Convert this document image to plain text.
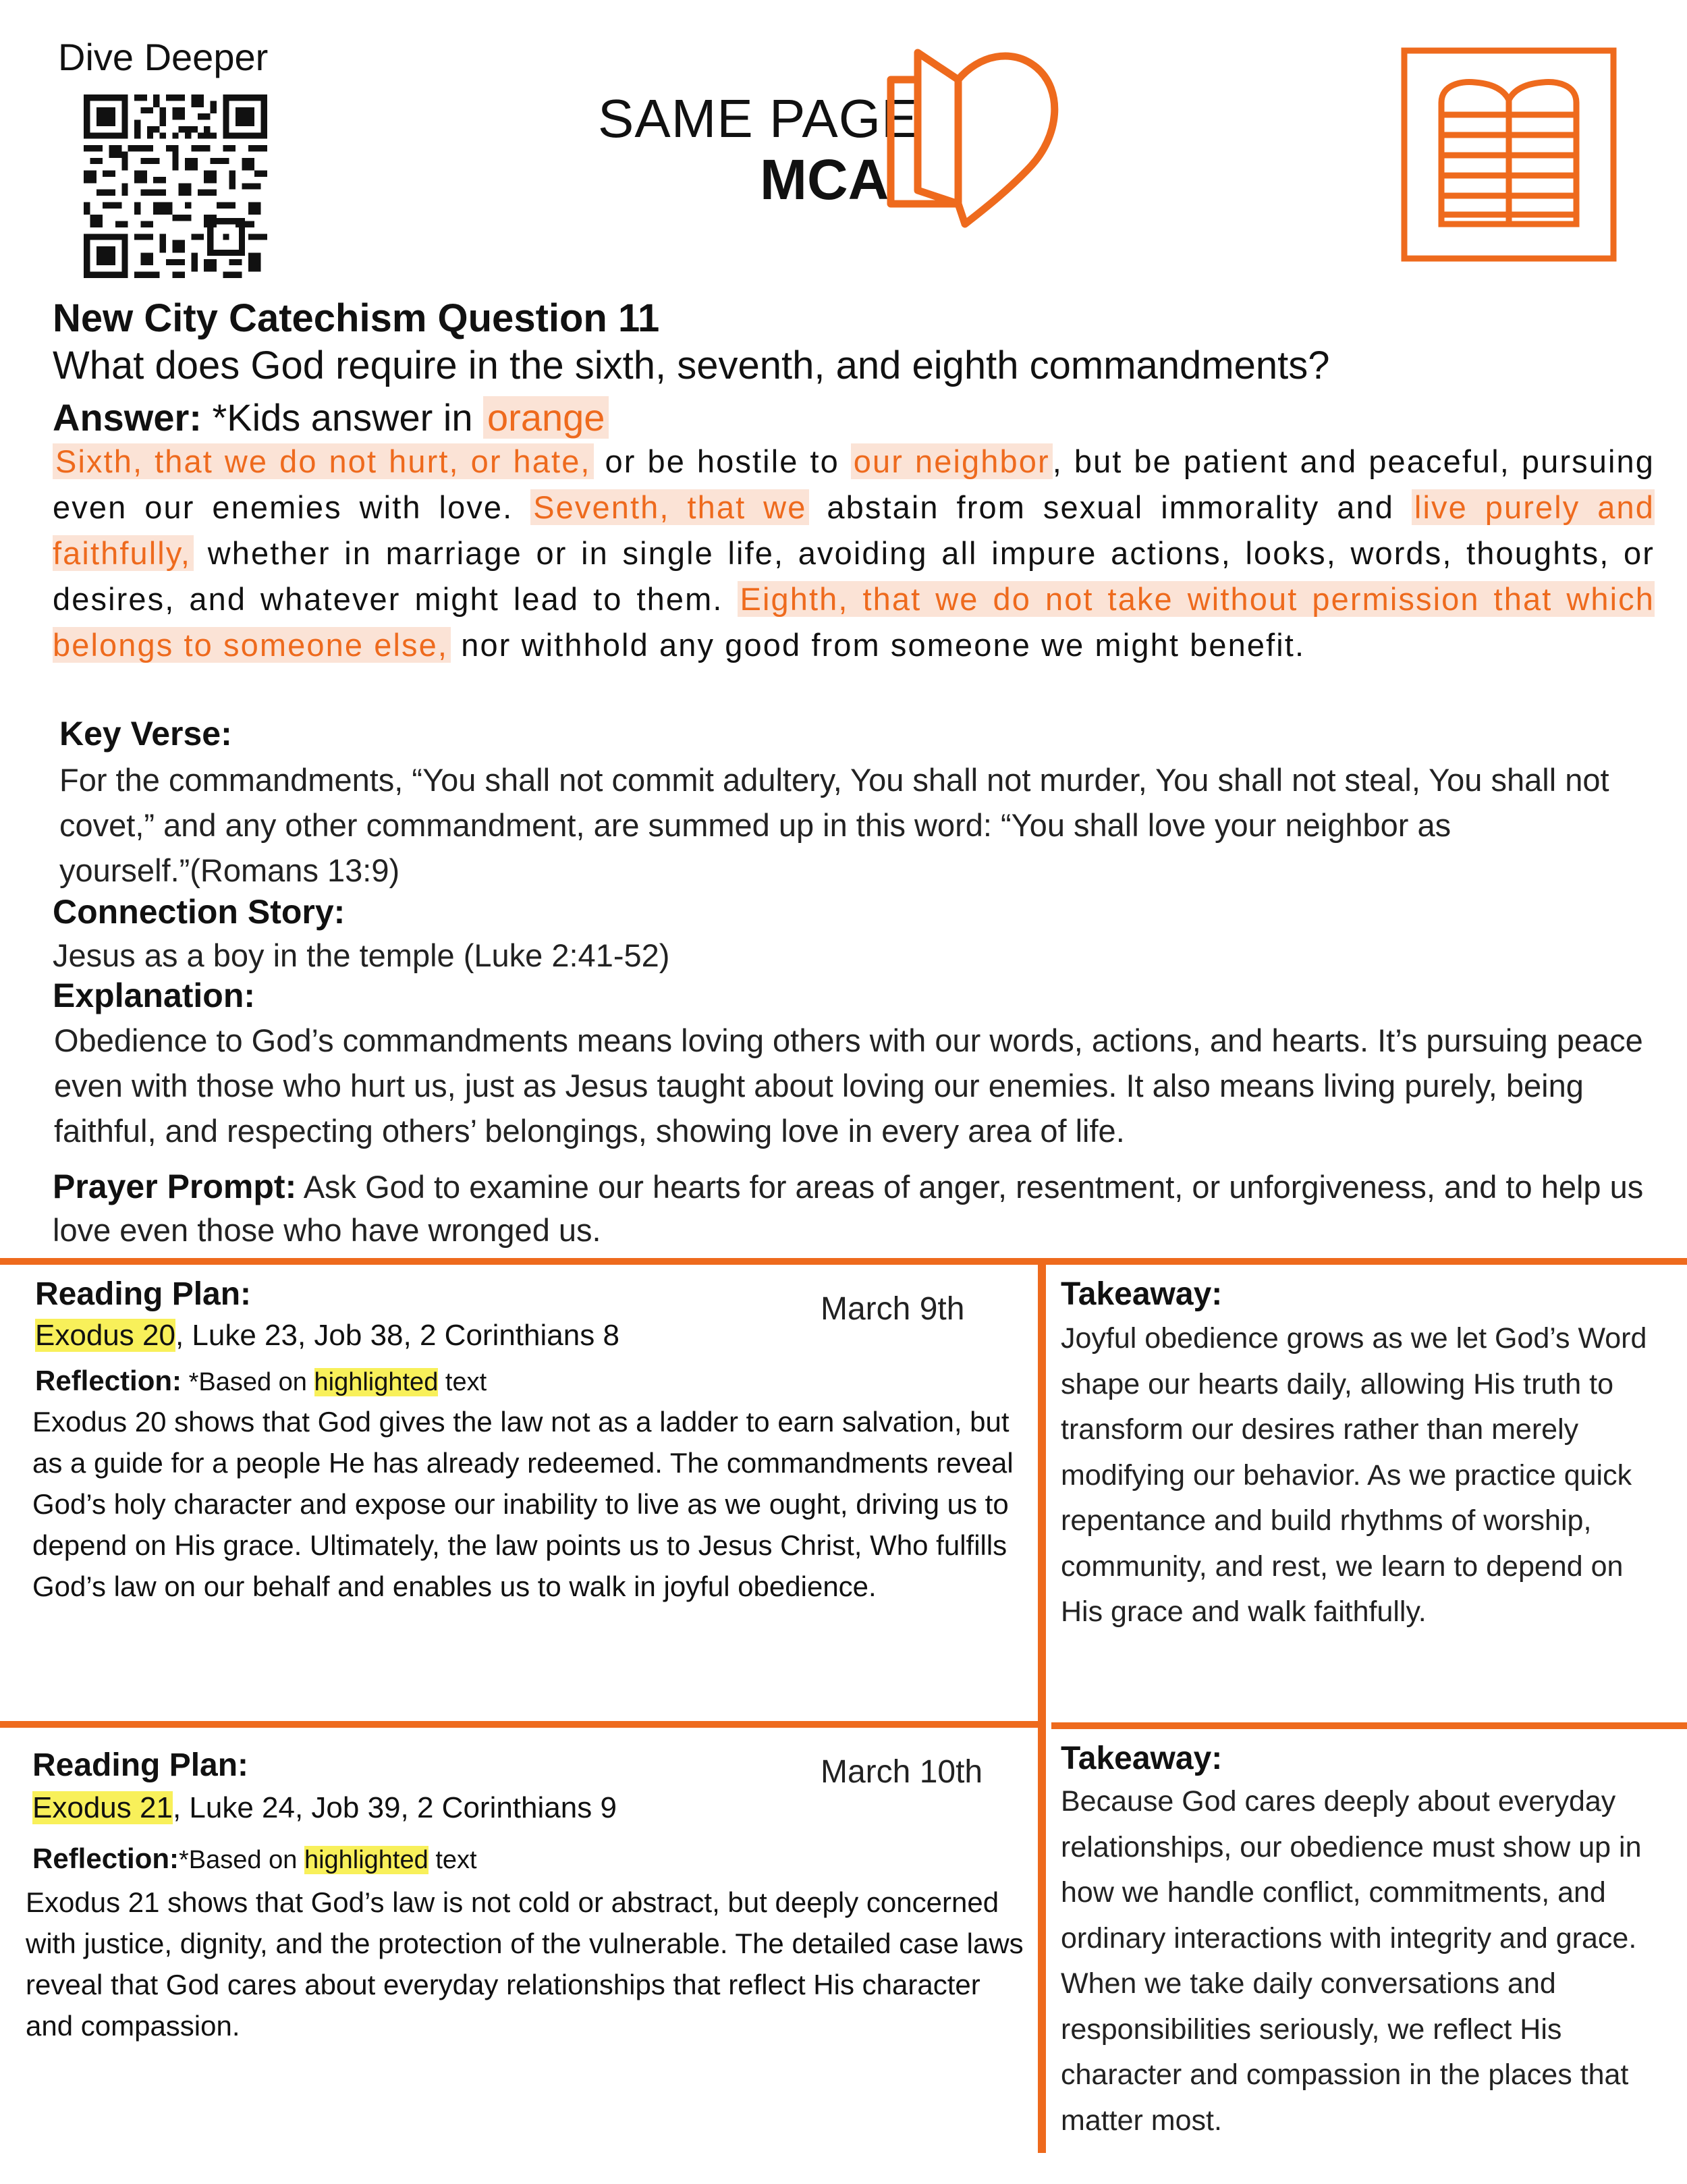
Dive Deeper
SAME PAGE
MCA
New City Catechism Question 11
What does God require in the sixth, seventh, and eighth commandments?
Answer: *Kids answer in orange
Sixth, that we do not hurt, or hate, or be hostile to our neighbor, but be patient and peaceful, pursuing even our enemies with love. Seventh, that we abstain from sexual immorality and live purely and faithfully, whether in marriage or in single life, avoiding all impure actions, looks, words, thoughts, or desires, and whatever might lead to them. Eighth, that we do not take without permission that which belongs to someone else, nor withhold any good from someone we might benefit.
Key Verse:
For the commandments, “You shall not commit adultery, You shall not murder, You shall not steal, You shall not covet,” and any other commandment, are summed up in this word: “You shall love your neighbor as yourself.”(Romans 13:9)
Connection Story:
Jesus as a boy in the temple (Luke 2:41-52)
Explanation:
Obedience to God’s commandments means loving others with our words, actions, and hearts. It’s pursuing peace even with those who hurt us, just as Jesus taught about loving our enemies. It also means living purely, being faithful, and respecting others’ belongings, showing love in every area of life.
Prayer Prompt: Ask God to examine our hearts for areas of anger, resentment, or unforgiveness, and to help us love even those who have wronged us.
Reading Plan:	March 9th
Exodus 20, Luke 23, Job 38, 2 Corinthians 8
Reflection: *Based on highlighted text
Exodus 20 shows that God gives the law not as a ladder to earn salvation, but as a guide for a people He has already redeemed. The commandments reveal God’s holy character and expose our inability to live as we ought, driving us to depend on His grace. Ultimately, the law points us to Jesus Christ, Who fulfills God’s law on our behalf and enables us to walk in joyful obedience.
Takeaway:
Joyful obedience grows as we let God’s Word shape our hearts daily, allowing His truth to transform our desires rather than merely modifying our behavior. As we practice quick repentance and build rhythms of worship, community, and rest, we learn to depend on His grace and walk faithfully.
Reading Plan:	March 10th
Exodus 21, Luke 24, Job 39, 2 Corinthians 9
Reflection:*Based on highlighted text
Exodus 21 shows that God’s law is not cold or abstract, but deeply concerned with justice, dignity, and the protection of the vulnerable. The detailed case laws reveal that God cares about everyday relationships that reflect His character and compassion.
Takeaway:
Because God cares deeply about everyday relationships, our obedience must show up in how we handle conflict, commitments, and ordinary interactions with integrity and grace. When we take daily conversations and responsibilities seriously, we reflect His character and compassion in the places that matter most.
